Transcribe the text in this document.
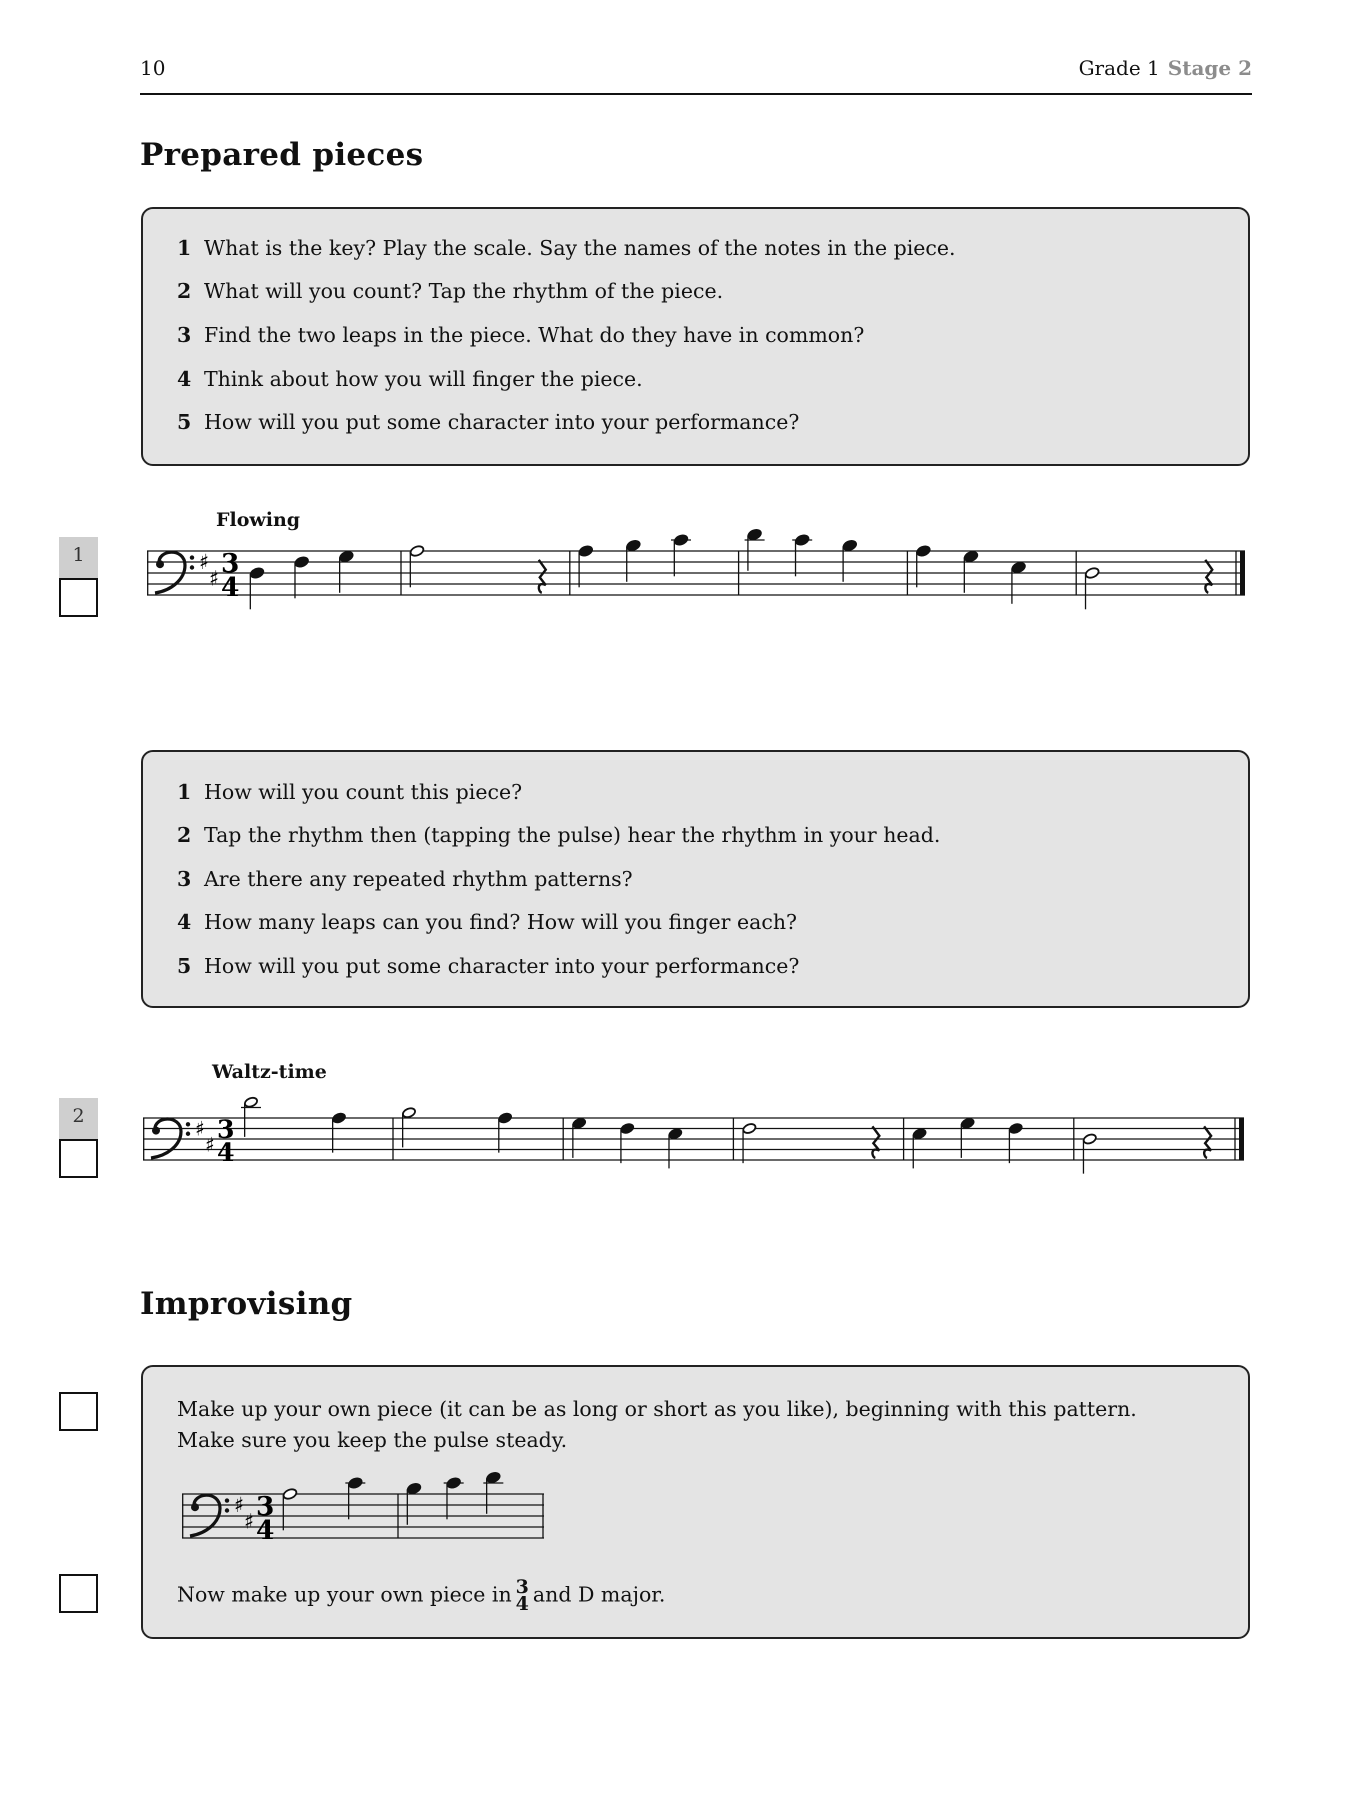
10	Grade 1 Stage 2
Prepared pieces
1 What is the key? Play the scale. Say the names of the notes in the piece.
2 What will you count? Tap the rhythm of the piece.
3 Find the two leaps in the piece. What do they have in common?
4 Think about how you will finger the piece.
5 How will you put some character into your performance?
Flowing
1	♯
♯ 3
4
1 How will you count this piece?
2 Tap the rhythm then (tapping the pulse) hear the rhythm in your head.
3 Are there any repeated rhythm patterns?
4 How many leaps can you find? How will you finger each?
5 How will you put some character into your performance?
Waltz-time
2
♯
♯
3
4
Improvising
Make up your own piece (it can be as long or short as you like), beginning with this pattern.
Make sure you keep the pulse steady.
♯
♯ 3
4
Now make up your own piece in 3
4 and D major.
